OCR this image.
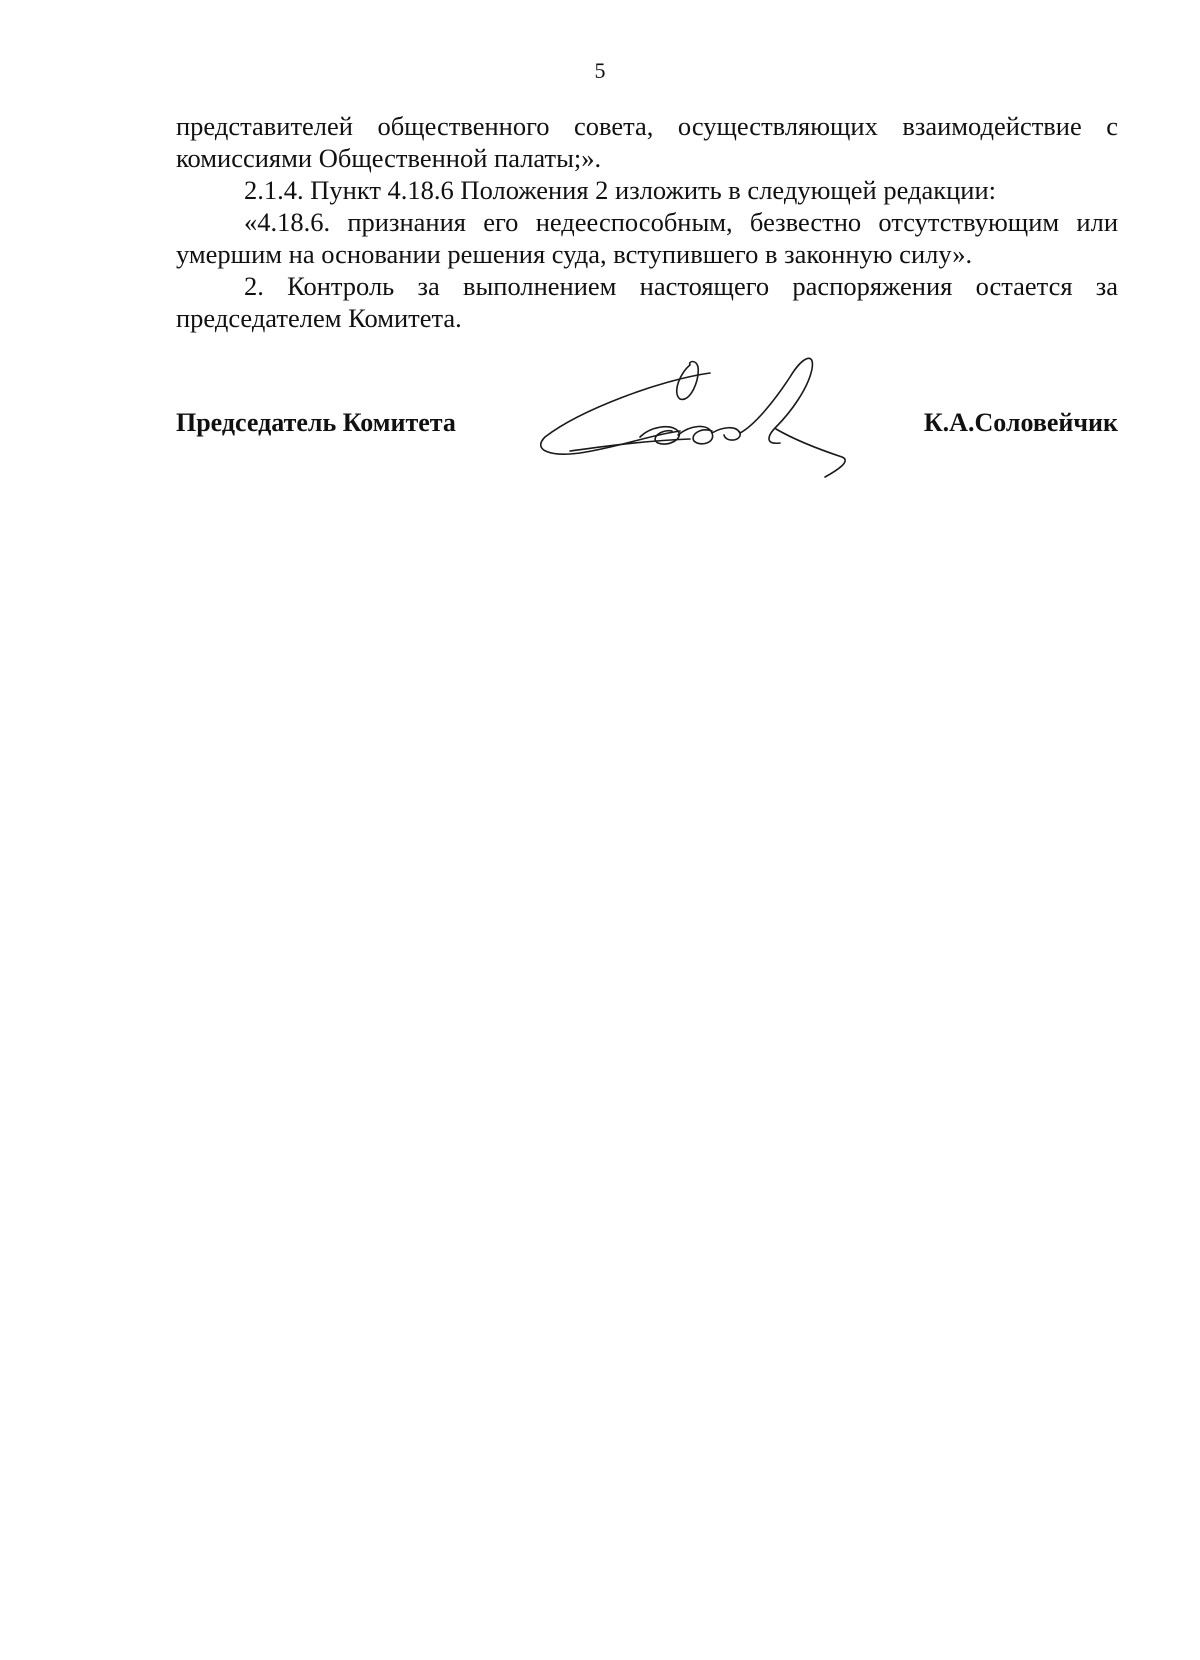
5

представителей общественного совета, осуществляющих взаимодействие с комиссиями Общественной палаты;».

2.1.4. Пункт 4.18.6 Положения 2 изложить в следующей редакции:

«4.18.6. признания его недееспособным, безвестно отсутствующим или умершим на основании решения суда, вступившего в законную силу».

2. Контроль за выполнением настоящего распоряжения остается за председателем Комитета.

Председатель Комитета	К.А.Соловейчик
